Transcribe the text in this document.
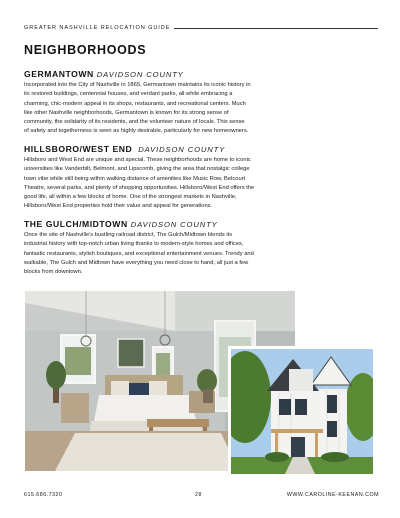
GREATER NASHVILLE RELOCATION GUIDE
NEIGHBORHOODS
GERMANTOWN DAVIDSON COUNTY
Incorporated into the City of Nashville in 1865, Germantown maintains its iconic history in
its restored buildings, centennial houses, and verdant parks, all while embracing a
charming, chic-modern appeal in its shops, restaurants, and recreational centers. Much
like other Nashville neighborhoods, Germantown is known for its strong sense of
community, the solidarity of its residents, and the volunteer nature of locals. This sense
of safety and togetherness is seen as highly desirable, particularly for new homeowners.
HILLSBORO/WEST END DAVIDSON COUNTY
Hillsboro and West End are unique and special. These neighborhoods are home to iconic
universities like Vanderbilt, Belmont, and Lipscomb, giving the area that nostalgic college
town vibe while still being within walking distance of amenities like Music Row, Belcourt
Theatre, several parks, and plenty of shopping opportunities. Hillsboro/West End offers the
good life, all within a few blocks of home. One of the strongest markets in Nashville,
Hillsboro/West End properties hold their value and appeal for generations.
THE GULCH/MIDTOWN DAVIDSON COUNTY
Once the site of Nashville's bustling railroad district, The Gulch/Midtown blends its
industrial history with top-notch urban living thanks to modern-style homes and offices,
fantastic restaurants, stylish boutiques, and exceptional entertainment venues. Trendy and
walkable, The Gulch and Midtown have everything you need close to hand, all just a few
blocks from downtown.
615.686.7320	28	WWW.CAROLINE-KEENAN.COM
